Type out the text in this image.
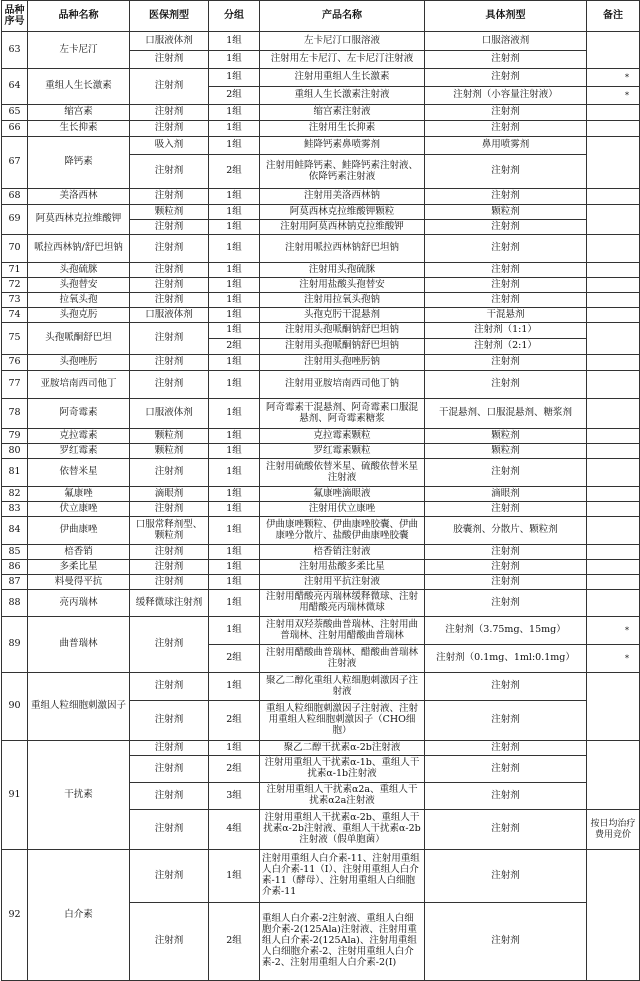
品种序号	品种名称	医保剂型	分组	产品名称	具体剂型	备注
63	左卡尼汀	口服液体剂	1组	左卡尼汀口服溶液	口服溶液剂	
		注射剂	1组	注射用左卡尼汀、左卡尼汀注射液	注射剂	
64	重组人生长激素	注射剂	1组	注射用重组人生长激素	注射剂	*
			2组	重组人生长激素注射液	注射剂（小容量注射液）	*
65	缩宫素	注射剂	1组	缩宫素注射液	注射剂	
66	生长抑素	注射剂	1组	注射用生长抑素	注射剂	
67	降钙素	吸入剂	1组	鲑降钙素鼻喷雾剂	鼻用喷雾剂	
		注射剂	2组	注射用鲑降钙素、鲑降钙素注射液、依降钙素注射液	注射剂	
68	美洛西林	注射剂	1组	注射用美洛西林钠	注射剂	
69	阿莫西林克拉维酸钾	颗粒剂	1组	阿莫西林克拉维酸钾颗粒	颗粒剂	
		注射剂	1组	注射用阿莫西林钠克拉维酸钾	注射剂	
70	哌拉西林钠/舒巴坦钠	注射剂	1组	注射用哌拉西林钠舒巴坦钠	注射剂	
71	头孢硫脒	注射剂	1组	注射用头孢硫脒	注射剂	
72	头孢替安	注射剂	1组	注射用盐酸头孢替安	注射剂	
73	拉氧头孢	注射剂	1组	注射用拉氧头孢钠	注射剂	
74	头孢克肟	口服液体剂	1组	头孢克肟干混悬剂	干混悬剂	
75	头孢哌酮舒巴坦	注射剂	1组	注射用头孢哌酮钠舒巴坦钠	注射剂（1:1）	
			2组	注射用头孢哌酮钠舒巴坦钠	注射剂（2:1）	
76	头孢唑肟	注射剂	1组	注射用头孢唑肟钠	注射剂	
77	亚胺培南西司他丁	注射剂	1组	注射用亚胺培南西司他丁钠	注射剂	
78	阿奇霉素	口服液体剂	1组	阿奇霉素干混悬剂、阿奇霉素口服混悬剂、阿奇霉素糖浆	干混悬剂、口服混悬剂、糖浆剂	
79	克拉霉素	颗粒剂	1组	克拉霉素颗粒	颗粒剂	
80	罗红霉素	颗粒剂	1组	罗红霉素颗粒	颗粒剂	
81	依替米星	注射剂	1组	注射用硫酸依替米星、硫酸依替米星注射液	注射剂	
82	氟康唑	滴眼剂	1组	氟康唑滴眼液	滴眼剂	
83	伏立康唑	注射剂	1组	注射用伏立康唑	注射剂	
84	伊曲康唑	口服常释剂型、颗粒剂	1组	伊曲康唑颗粒、伊曲康唑胶囊、伊曲康唑分散片、盐酸伊曲康唑胶囊	胶囊剂、分散片、颗粒剂	
85	棓香销	注射剂	1组	棓香销注射液	注射剂	
86	多柔比星	注射剂	1组	注射用盐酸多柔比星	注射剂	
87	料曼得平抗	注射剂	1组	注射用平抗注射液	注射剂	
88	亮丙瑞林	缓释微球注射剂	1组	注射用醋酸亮丙瑞林缓释微球、注射用醋酸亮丙瑞林微球	注射剂	
89	曲普瑞林	注射剂	1组	注射用双羟萘酸曲普瑞林、注射用曲普瑞林、注射用醋酸曲普瑞林	注射剂（3.75mg、15mg）	*
			2组	注射用醋酸曲普瑞林、醋酸曲普瑞林注射液	注射剂（0.1mg、1ml:0.1mg）	*
90	重组人粒细胞刺激因子	注射剂	1组	聚乙二醇化重组人粒细胞刺激因子注射液	注射剂	
		注射剂	2组	重组人粒细胞刺激因子注射液、注射用重组人粒细胞刺激因子（CHO细胞）	注射剂	
91	干扰素	注射剂	1组	聚乙二醇干扰素α-2b注射液	注射剂	
		注射剂	2组	注射用重组人干扰素α-1b、重组人干扰素α-1b注射液	注射剂	
		注射剂	3组	注射用重组人干扰素α2a、重组人干扰素α2a注射液	注射剂	
		注射剂	4组	注射用重组人干扰素α-2b、重组人干扰素α-2b注射液、重组人干扰素α-2b注射液（假单胞菌）	注射剂	按日均治疗费用竞价
92	白介素	注射剂	1组	注射用重组人白介素-11、注射用重组人白介素-11（Ⅰ）、注射用重组人白介素-11（酵母）、注射用重组人白细胞介素-11	注射剂	
		注射剂	2组	重组人白介素-2注射液、重组人白细胞介素-2(125Ala)注射液、注射用重组人白介素-2(125Ala)、注射用重组人白细胞介素-2、注射用重组人白介素-2、注射用重组人白介素-2(I)	注射剂	
